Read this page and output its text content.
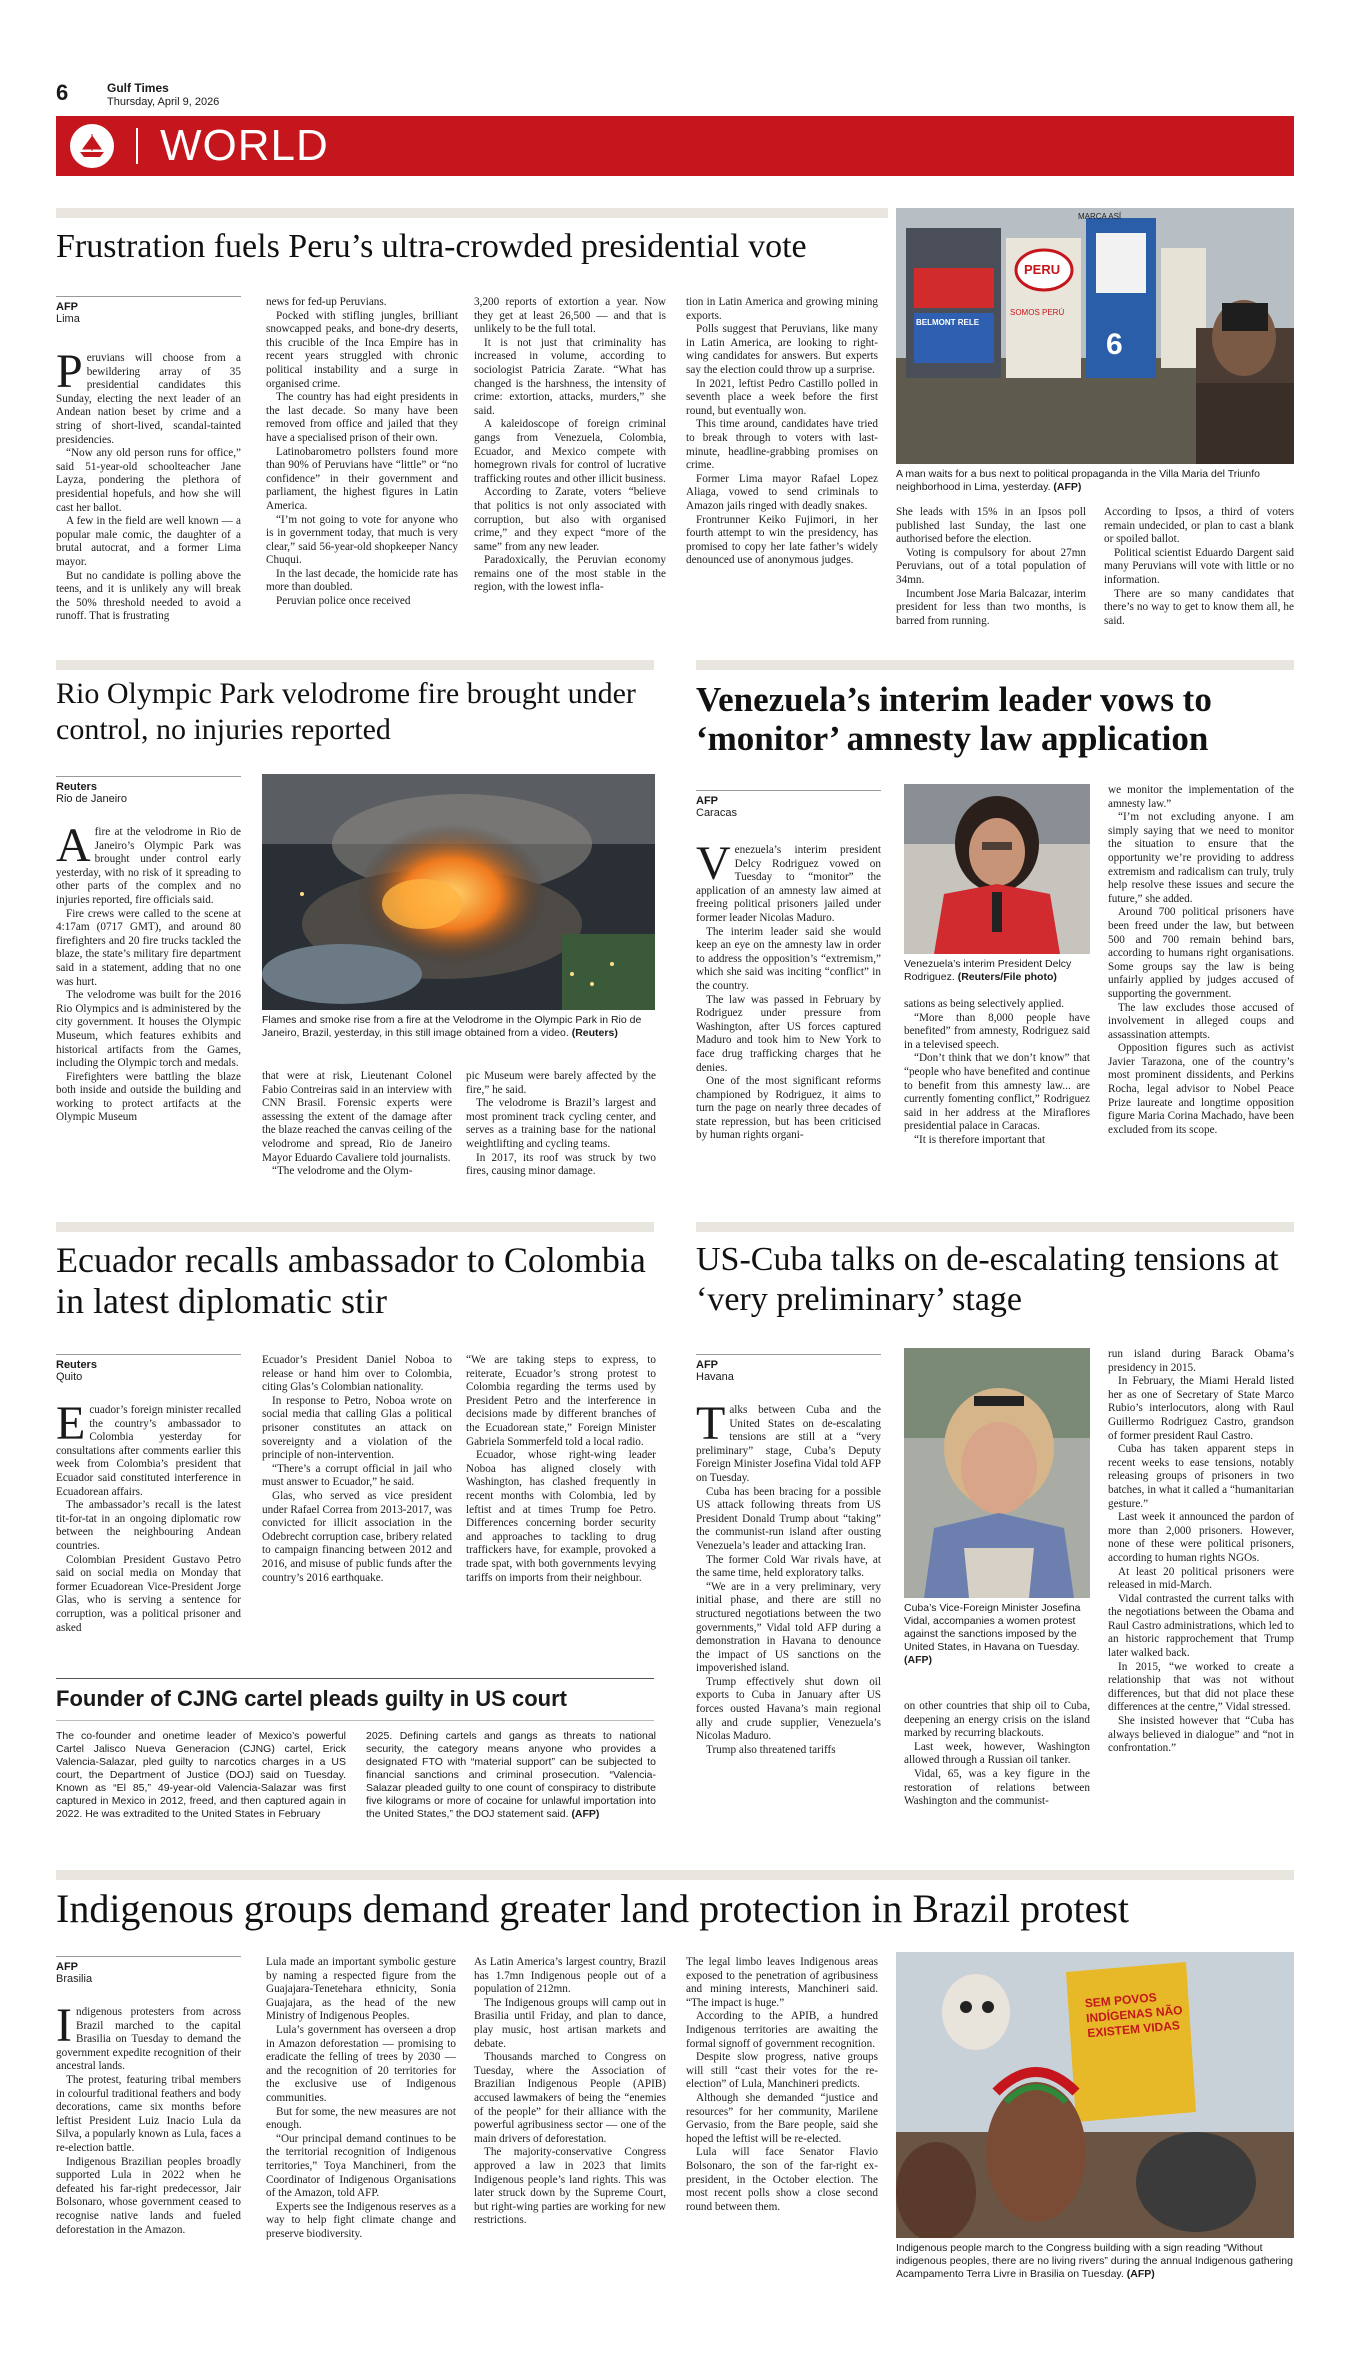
6	Gulf Times
Thursday, April 9, 2026
WORLD
Frustration fuels Peru’s ultra-crowded presidential vote
AFP
Lima

Peruvians will choose from a bewildering array of 35 presidential candidates this Sunday, electing the next leader of an Andean nation beset by crime and a string of short-lived, scandal-tainted presidencies.

“Now any old person runs for office,” said 51-year-old schoolteacher Jane Layza, pondering the plethora of presidential hopefuls, and how she will cast her ballot.

A few in the field are well known — a popular male comic, the daughter of a brutal autocrat, and a former Lima mayor.

But no candidate is polling above the teens, and it is unlikely any will break the 50% threshold needed to avoid a runoff. That is frustrating

news for fed-up Peruvians.

Pocked with stifling jungles, brilliant snowcapped peaks, and bone-dry deserts, this crucible of the Inca Empire has in recent years struggled with chronic political instability and a surge in organised crime.

The country has had eight presidents in the last decade. So many have been removed from office and jailed that they have a specialised prison of their own.

Latinobarometro pollsters found more than 90% of Peruvians have “little” or “no confidence” in their government and parliament, the highest figures in Latin America.

“I’m not going to vote for anyone who is in government today, that much is very clear,” said 56-year-old shopkeeper Nancy Chuqui.

In the last decade, the homicide rate has more than doubled.

Peruvian police once received

3,200 reports of extortion a year. Now they get at least 26,500 — and that is unlikely to be the full total.

It is not just that criminality has increased in volume, according to sociologist Patricia Zarate. “What has changed is the harshness, the intensity of crime: extortion, attacks, murders,” she said.

A kaleidoscope of foreign criminal gangs from Venezuela, Colombia, Ecuador, and Mexico compete with homegrown rivals for control of lucrative trafficking routes and other illicit business.

According to Zarate, voters “believe that politics is not only associated with corruption, but also with organised crime,” and they expect “more of the same” from any new leader.

Paradoxically, the Peruvian economy remains one of the most stable in the region, with the lowest infla-

tion in Latin America and growing mining exports.

Polls suggest that Peruvians, like many in Latin America, are looking to right-wing candidates for answers. But experts say the election could throw up a surprise.

In 2021, leftist Pedro Castillo polled in seventh place a week before the first round, but eventually won.

This time around, candidates have tried to break through to voters with last-minute, headline-grabbing promises on crime.

Former Lima mayor Rafael Lopez Aliaga, vowed to send criminals to Amazon jails ringed with deadly snakes.

Frontrunner Keiko Fujimori, in her fourth attempt to win the presidency, has promised to copy her late father’s widely denounced use of anonymous judges.

PERU
MARCA ASÍ
BELMONT RELE
6
SOMOS PERÚ
A man waits for a bus next to political propaganda in the Villa Maria del Triunfo neighborhood in Lima, yesterday. (AFP)

She leads with 15% in an Ipsos poll published last Sunday, the last one authorised before the election.

Voting is compulsory for about 27mn Peruvians, out of a total population of 34mn.

Incumbent Jose Maria Balcazar, interim president for less than two months, is barred from running.

According to Ipsos, a third of voters remain undecided, or plan to cast a blank or spoiled ballot.

Political scientist Eduardo Dargent said many Peruvians will vote with little or no information.

There are so many candidates that there’s no way to get to know them all, he said.

Rio Olympic Park velodrome fire brought under control, no injuries reported
Reuters
Rio de Janeiro

Afire at the velodrome in Rio de Janeiro’s Olympic Park was brought under control early yesterday, with no risk of it spreading to other parts of the complex and no injuries reported, fire officials said.

Fire crews were called to the scene at 4:17am (0717 GMT), and around 80 firefighters and 20 fire trucks tackled the blaze, the state’s military fire department said in a statement, adding that no one was hurt.

The velodrome was built for the 2016 Rio Olympics and is administered by the city government. It houses the Olympic Museum, which features exhibits and historical artifacts from the Games, including the Olympic torch and medals.

Firefighters were battling the blaze both inside and outside the building and working to protect artifacts at the Olympic Museum

Flames and smoke rise from a fire at the Velodrome in the Olympic Park in Rio de Janeiro, Brazil, yesterday, in this still image obtained from a video. (Reuters)

that were at risk, Lieutenant Colonel Fabio Contreiras said in an interview with CNN Brasil. Forensic experts were assessing the extent of the damage after the blaze reached the canvas ceiling of the velodrome and spread, Rio de Janeiro Mayor Eduardo Cavaliere told journalists.

“The velodrome and the Olym-

pic Museum were barely affected by the fire,” he said.

The velodrome is Brazil’s largest and most prominent track cycling center, and serves as a training base for the national weightlifting and cycling teams.

In 2017, its roof was struck by two fires, causing minor damage.

Venezuela’s interim leader vows to ‘monitor’ amnesty law application
AFP
Caracas

Venezuela’s interim president Delcy Rodriguez vowed on Tuesday to “monitor” the application of an amnesty law aimed at freeing political prisoners jailed under former leader Nicolas Maduro.

The interim leader said she would keep an eye on the amnesty law in order to address the opposition’s “extremism,” which she said was inciting “conflict” in the country.

The law was passed in February by Rodriguez under pressure from Washington, after US forces captured Maduro and took him to New York to face drug trafficking charges that he denies.

One of the most significant reforms championed by Rodriguez, it aims to turn the page on nearly three decades of state repression, but has been criticised by human rights organi-

Venezuela’s interim President Delcy Rodriguez. (Reuters/File photo)

sations as being selectively applied.

“More than 8,000 people have benefited” from amnesty, Rodriguez said in a televised speech.

“Don’t think that we don’t know” that “people who have benefited and continue to benefit from this amnesty law... are currently fomenting conflict,” Rodriguez said in her address at the Miraflores presidential palace in Caracas.

“It is therefore important that

we monitor the implementation of the amnesty law.”

“I’m not excluding anyone. I am simply saying that we need to monitor the situation to ensure that the opportunity we’re providing to address extremism and radicalism can truly, truly help resolve these issues and secure the future,” she added.

Around 700 political prisoners have been freed under the law, but between 500 and 700 remain behind bars, according to humans right organisations. Some groups say the law is being unfairly applied by judges accused of supporting the government.

The law excludes those accused of involvement in alleged coups and assassination attempts.

Opposition figures such as activist Javier Tarazona, one of the country’s most prominent dissidents, and Perkins Rocha, legal advisor to Nobel Peace Prize laureate and longtime opposition figure Maria Corina Machado, have been excluded from its scope.

Ecuador recalls ambassador to Colombia in latest diplomatic stir
Reuters
Quito

Ecuador’s foreign minister recalled the country’s ambassador to Colombia yesterday for consultations after comments earlier this week from Colombia’s president that Ecuador said constituted interference in Ecuadorean affairs.

The ambassador’s recall is the latest tit-for-tat in an ongoing diplomatic row between the neighbouring Andean countries.

Colombian President Gustavo Petro said on social media on Monday that former Ecuadorean Vice-President Jorge Glas, who is serving a sentence for corruption, was a political prisoner and asked

Ecuador’s President Daniel Noboa to release or hand him over to Colombia, citing Glas’s Colombian nationality.

In response to Petro, Noboa wrote on social media that calling Glas a political prisoner constitutes an attack on sovereignty and a violation of the principle of non-intervention.

“There’s a corrupt official in jail who must answer to Ecuador,” he said.

Glas, who served as vice president under Rafael Correa from 2013-2017, was convicted for illicit association in the Odebrecht corruption case, bribery related to campaign financing between 2012 and 2016, and misuse of public funds after the country’s 2016 earthquake.

“We are taking steps to express, to reiterate, Ecuador’s strong protest to Colombia regarding the terms used by President Petro and the interference in decisions made by different branches of the Ecuadorean state,” Foreign Minister Gabriela Sommerfeld told a local radio.

Ecuador, whose right-wing leader Noboa has aligned closely with Washington, has clashed frequently in recent months with Colombia, led by leftist and at times Trump foe Petro. Differences concerning border security and approaches to tackling to drug traffickers have, for example, provoked a trade spat, with both governments levying tariffs on imports from their neighbour.

Founder of CJNG cartel pleads guilty in US court
The co-founder and onetime leader of Mexico’s powerful Cartel Jalisco Nueva Generacion (CJNG) cartel, Erick Valencia-Salazar, pled guilty to narcotics charges in a US court, the Department of Justice (DOJ) said on Tuesday. Known as “El 85,” 49-year-old Valencia-Salazar was first captured in Mexico in 2012, freed, and then captured again in 2022. He was extradited to the United States in February
2025. Defining cartels and gangs as threats to national security, the category means anyone who provides a designated FTO with “material support” can be subjected to financial sanctions and criminal prosecution. “Valencia-Salazar pleaded guilty to one count of conspiracy to distribute five kilograms or more of cocaine for unlawful importation into the United States,” the DOJ statement said. (AFP)
US-Cuba talks on de-escalating tensions at ‘very preliminary’ stage
AFP
Havana

Talks between Cuba and the United States on de-escalating tensions are still at a “very preliminary” stage, Cuba’s Deputy Foreign Minister Josefina Vidal told AFP on Tuesday.

Cuba has been bracing for a possible US attack following threats from US President Donald Trump about “taking” the communist-run island after ousting Venezuela’s leader and attacking Iran.

The former Cold War rivals have, at the same time, held exploratory talks.

“We are in a very preliminary, very initial phase, and there are still no structured negotiations between the two governments,” Vidal told AFP during a demonstration in Havana to denounce the impact of US sanctions on the impoverished island.

Trump effectively shut down oil exports to Cuba in January after US forces ousted Havana’s main regional ally and crude supplier, Venezuela’s Nicolas Maduro.

Trump also threatened tariffs

Cuba’s Vice-Foreign Minister Josefina Vidal, accompanies a women protest against the sanctions imposed by the United States, in Havana on Tuesday. (AFP)

on other countries that ship oil to Cuba, deepening an energy crisis on the island marked by recurring blackouts.

Last week, however, Washington allowed through a Russian oil tanker.

Vidal, 65, was a key figure in the restoration of relations between Washington and the communist-

run island during Barack Obama’s presidency in 2015.

In February, the Miami Herald listed her as one of Secretary of State Marco Rubio’s interlocutors, along with Raul Guillermo Rodriguez Castro, grandson of former president Raul Castro.

Cuba has taken apparent steps in recent weeks to ease tensions, notably releasing groups of prisoners in two batches, in what it called a “humanitarian gesture.”

Last week it announced the pardon of more than 2,000 prisoners. However, none of these were political prisoners, according to human rights NGOs.

At least 20 political prisoners were released in mid-March.

Vidal contrasted the current talks with the negotiations between the Obama and Raul Castro administrations, which led to an historic rapprochement that Trump later walked back.

In 2015, “we worked to create a relationship that was not without differences, but that did not place these differences at the centre,” Vidal stressed.

She insisted however that “Cuba has always believed in dialogue” and “not in confrontation.”

Indigenous groups demand greater land protection in Brazil protest
AFP
Brasilia

Indigenous protesters from across Brazil marched to the capital Brasilia on Tuesday to demand the government expedite recognition of their ancestral lands.

The protest, featuring tribal members in colourful traditional feathers and body decorations, came six months before leftist President Luiz Inacio Lula da Silva, a popularly known as Lula, faces a re-election battle.

Indigenous Brazilian peoples broadly supported Lula in 2022 when he defeated his far-right predecessor, Jair Bolsonaro, whose government ceased to recognise native lands and fueled deforestation in the Amazon.

Lula made an important symbolic gesture by naming a respected figure from the Guajajara-Tenetehara ethnicity, Sonia Guajajara, as the head of the new Ministry of Indigenous Peoples.

Lula’s government has overseen a drop in Amazon deforestation — promising to eradicate the felling of trees by 2030 — and the recognition of 20 territories for the exclusive use of Indigenous communities.

But for some, the new measures are not enough.

“Our principal demand continues to be the territorial recognition of Indigenous territories,” Toya Manchineri, from the Coordinator of Indigenous Organisations of the Amazon, told AFP.

Experts see the Indigenous reserves as a way to help fight climate change and preserve biodiversity.

As Latin America’s largest country, Brazil has 1.7mn Indigenous people out of a population of 212mn.

The Indigenous groups will camp out in Brasilia until Friday, and plan to dance, play music, host artisan markets and debate.

Thousands marched to Congress on Tuesday, where the Association of Brazilian Indigenous People (APIB) accused lawmakers of being the “enemies of the people” for their alliance with the powerful agribusiness sector — one of the main drivers of deforestation.

The majority-conservative Congress approved a law in 2023 that limits Indigenous people’s land rights. This was later struck down by the Supreme Court, but right-wing parties are working for new restrictions.

The legal limbo leaves Indigenous areas exposed to the penetration of agribusiness and mining interests, Manchineri said. “The impact is huge.”

According to the APIB, a hundred Indigenous territories are awaiting the formal signoff of government recognition.

Despite slow progress, native groups will still “cast their votes for the re-election” of Lula, Manchineri predicts.

Although she demanded “justice and resources” for her community, Marilene Gervasio, from the Bare people, said she hoped the leftist will be re-elected.

Lula will face Senator Flavio Bolsonaro, the son of the far-right ex-president, in the October election. The most recent polls show a close second round between them.

SEM POVOS INDÍGENAS NÃO EXISTEM VIDAS
Indigenous people march to the Congress building with a sign reading “Without indigenous peoples, there are no living rivers” during the annual Indigenous gathering Acampamento Terra Livre in Brasilia on Tuesday. (AFP)
